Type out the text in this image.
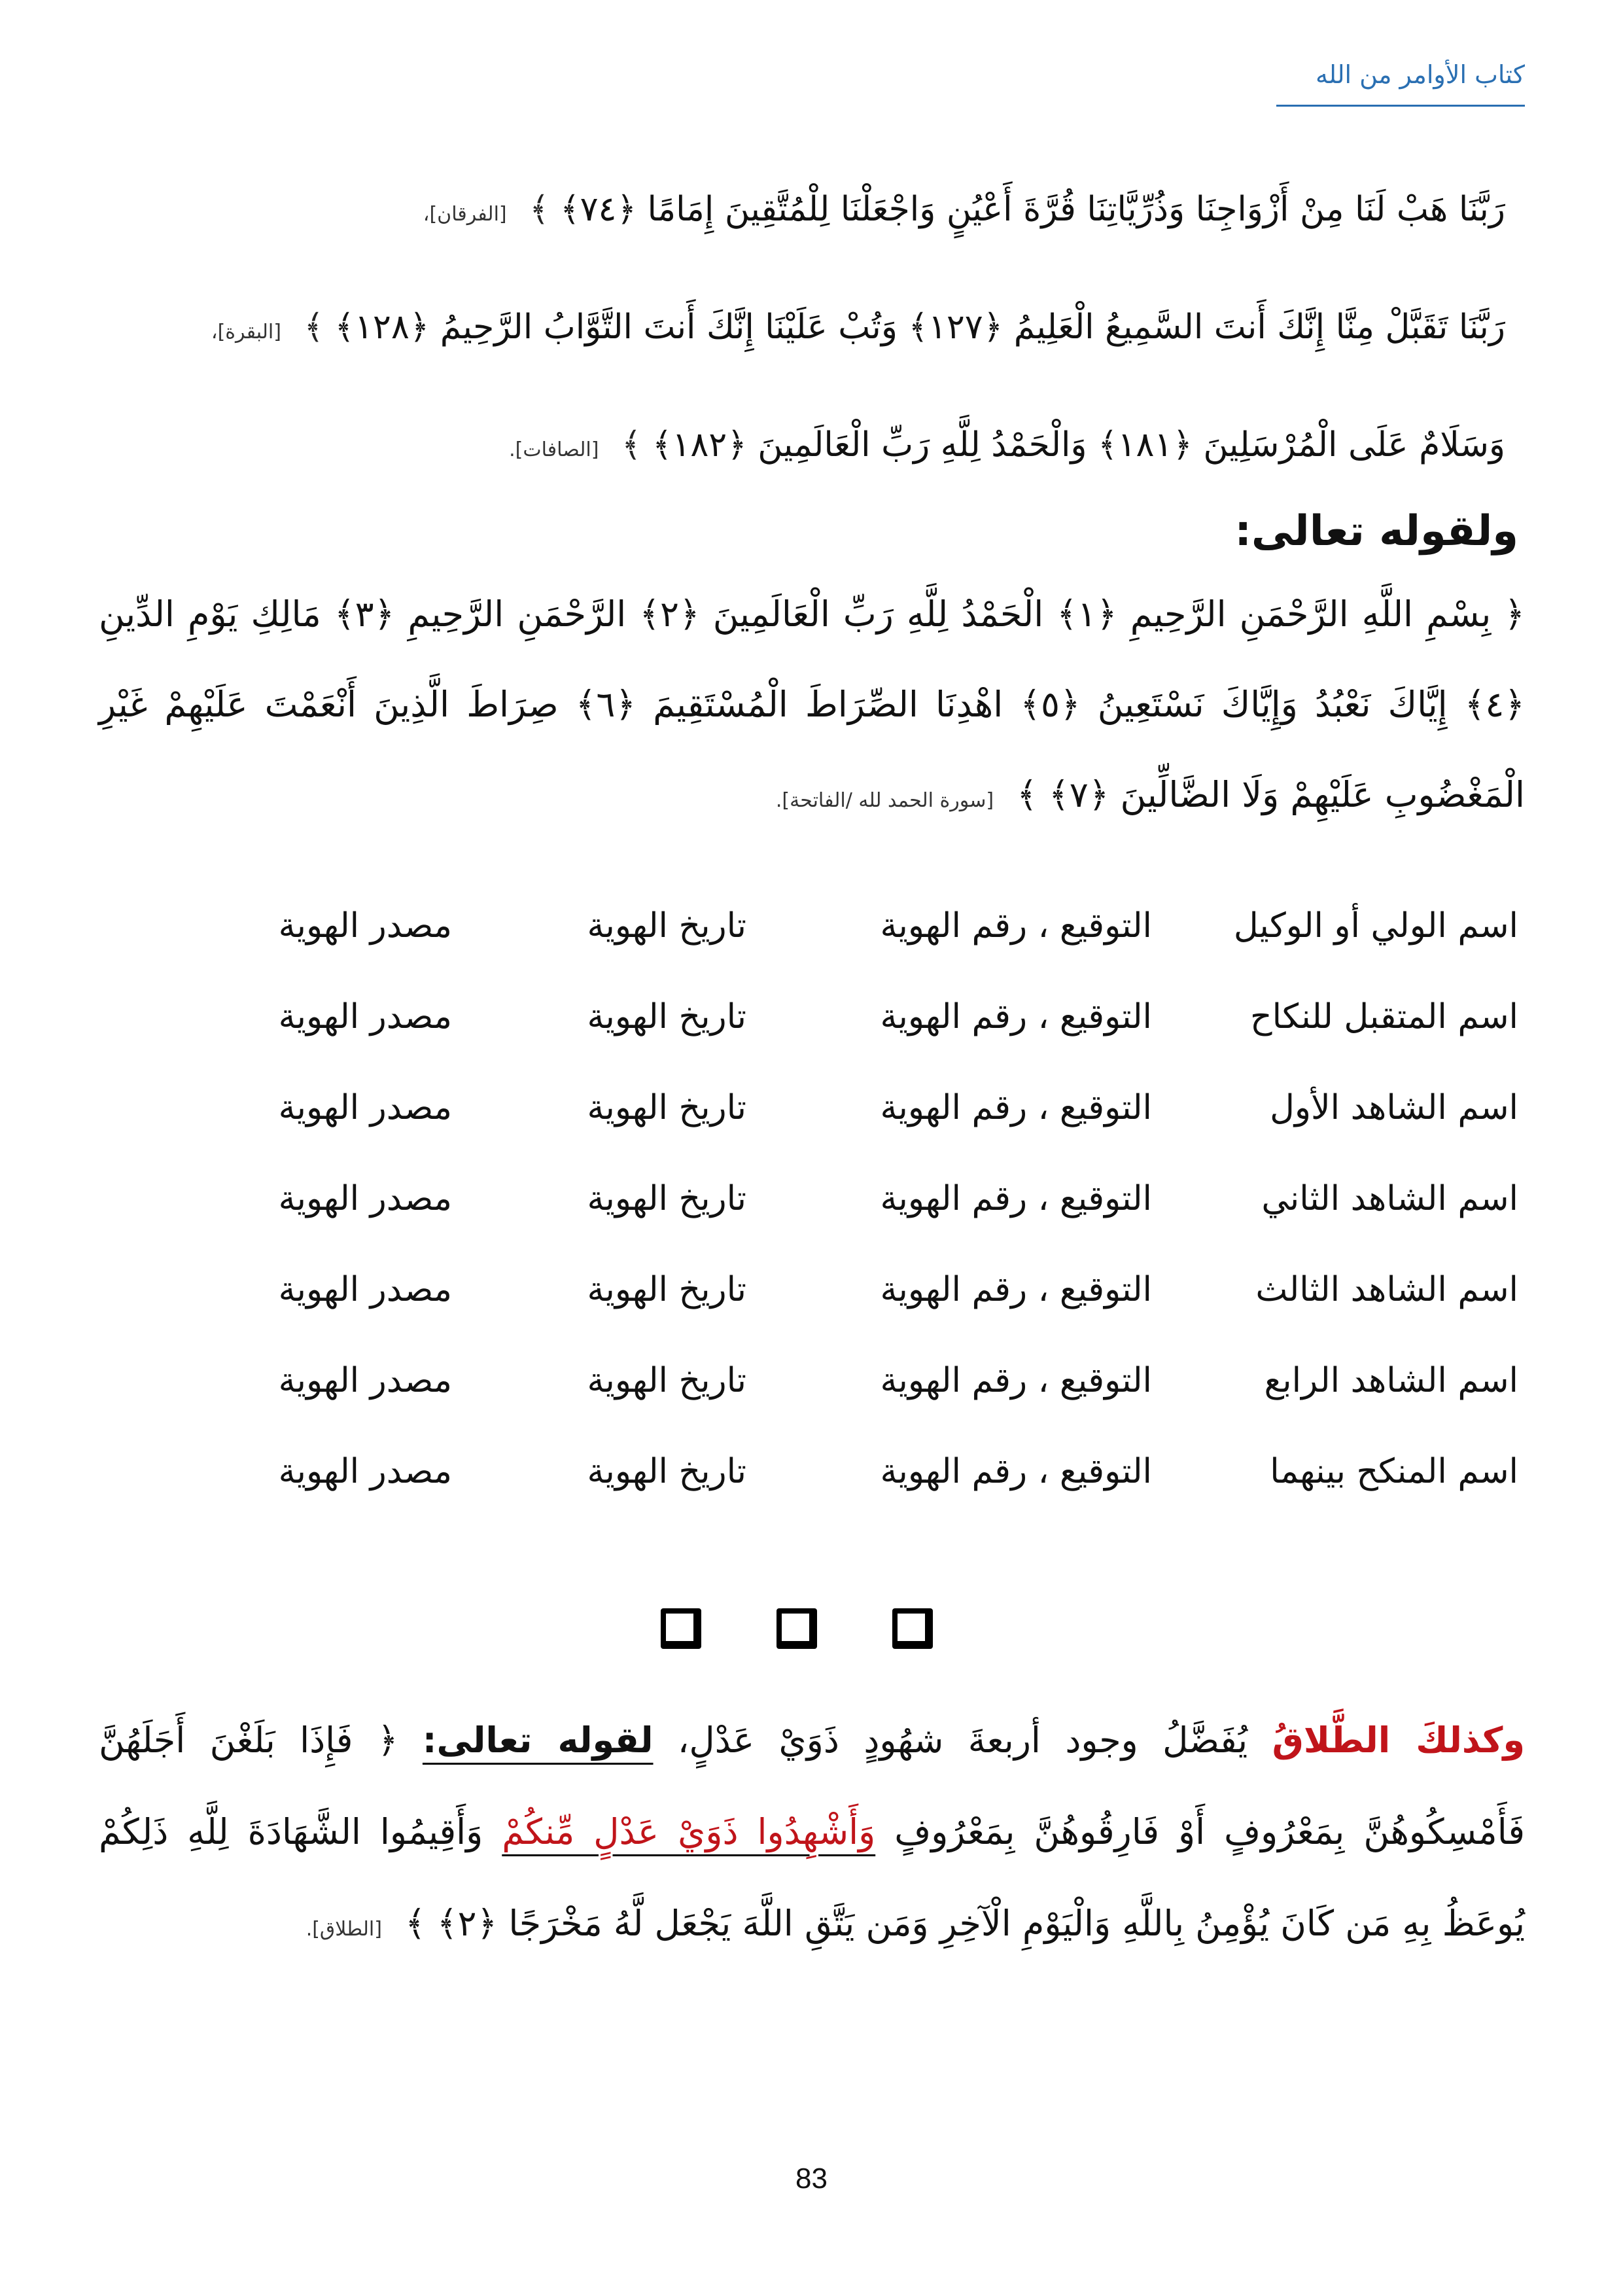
كتاب الأوامر من الله
رَبَّنَا هَبْ لَنَا مِنْ أَزْوَاجِنَا وَذُرِّيَّاتِنَا قُرَّةَ أَعْيُنٍ وَاجْعَلْنَا لِلْمُتَّقِينَ إِمَامًا ﴿٧٤﴾ ﴾ [الفرقان]،
رَبَّنَا تَقَبَّلْ مِنَّا إِنَّكَ أَنتَ السَّمِيعُ الْعَلِيمُ ﴿١٢٧﴾ وَتُبْ عَلَيْنَا إِنَّكَ أَنتَ التَّوَّابُ الرَّحِيمُ ﴿١٢٨﴾ ﴾ [البقرة]،
وَسَلَامٌ عَلَى الْمُرْسَلِينَ ﴿١٨١﴾ وَالْحَمْدُ لِلَّهِ رَبِّ الْعَالَمِينَ ﴿١٨٢﴾ ﴾ [الصافات].
ولقوله تعالى:
﴿ بِسْمِ اللَّهِ الرَّحْمَنِ الرَّحِيمِ ﴿١﴾ الْحَمْدُ لِلَّهِ رَبِّ الْعَالَمِينَ ﴿٢﴾ الرَّحْمَنِ الرَّحِيمِ ﴿٣﴾ مَالِكِ يَوْمِ الدِّينِ ﴿٤﴾ إِيَّاكَ نَعْبُدُ وَإِيَّاكَ نَسْتَعِينُ ﴿٥﴾ اهْدِنَا الصِّرَاطَ الْمُسْتَقِيمَ ﴿٦﴾ صِرَاطَ الَّذِينَ أَنْعَمْتَ عَلَيْهِمْ غَيْرِ الْمَغْضُوبِ عَلَيْهِمْ وَلَا الضَّالِّينَ ﴿٧﴾ ﴾ [سورة الحمد لله /الفاتحة].
اسم الولي أو الوكيل	التوقيع ، رقم الهوية	تاريخ الهوية	مصدر الهوية
اسم المتقبل للنكاح	التوقيع ، رقم الهوية	تاريخ الهوية	مصدر الهوية
اسم الشاهد الأول	التوقيع ، رقم الهوية	تاريخ الهوية	مصدر الهوية
اسم الشاهد الثاني	التوقيع ، رقم الهوية	تاريخ الهوية	مصدر الهوية
اسم الشاهد الثالث	التوقيع ، رقم الهوية	تاريخ الهوية	مصدر الهوية
اسم الشاهد الرابع	التوقيع ، رقم الهوية	تاريخ الهوية	مصدر الهوية
اسم المنكح بينهما	التوقيع ، رقم الهوية	تاريخ الهوية	مصدر الهوية
وكذلكَ الطَّلاقُ يُفَضَّلُ وجود أربعةَ شهُودٍ ذَوَيْ عَدْلٍ، لقوله تعالى: ﴿ فَإِذَا بَلَغْنَ أَجَلَهُنَّ فَأَمْسِكُوهُنَّ بِمَعْرُوفٍ أَوْ فَارِقُوهُنَّ بِمَعْرُوفٍ وَأَشْهِدُوا ذَوَيْ عَدْلٍ مِّنكُمْ وَأَقِيمُوا الشَّهَادَةَ لِلَّهِ ذَلِكُمْ يُوعَظُ بِهِ مَن كَانَ يُؤْمِنُ بِاللَّهِ وَالْيَوْمِ الْآخِرِ وَمَن يَتَّقِ اللَّهَ يَجْعَل لَّهُ مَخْرَجًا ﴿٢﴾ ﴾ [الطلاق].
83
